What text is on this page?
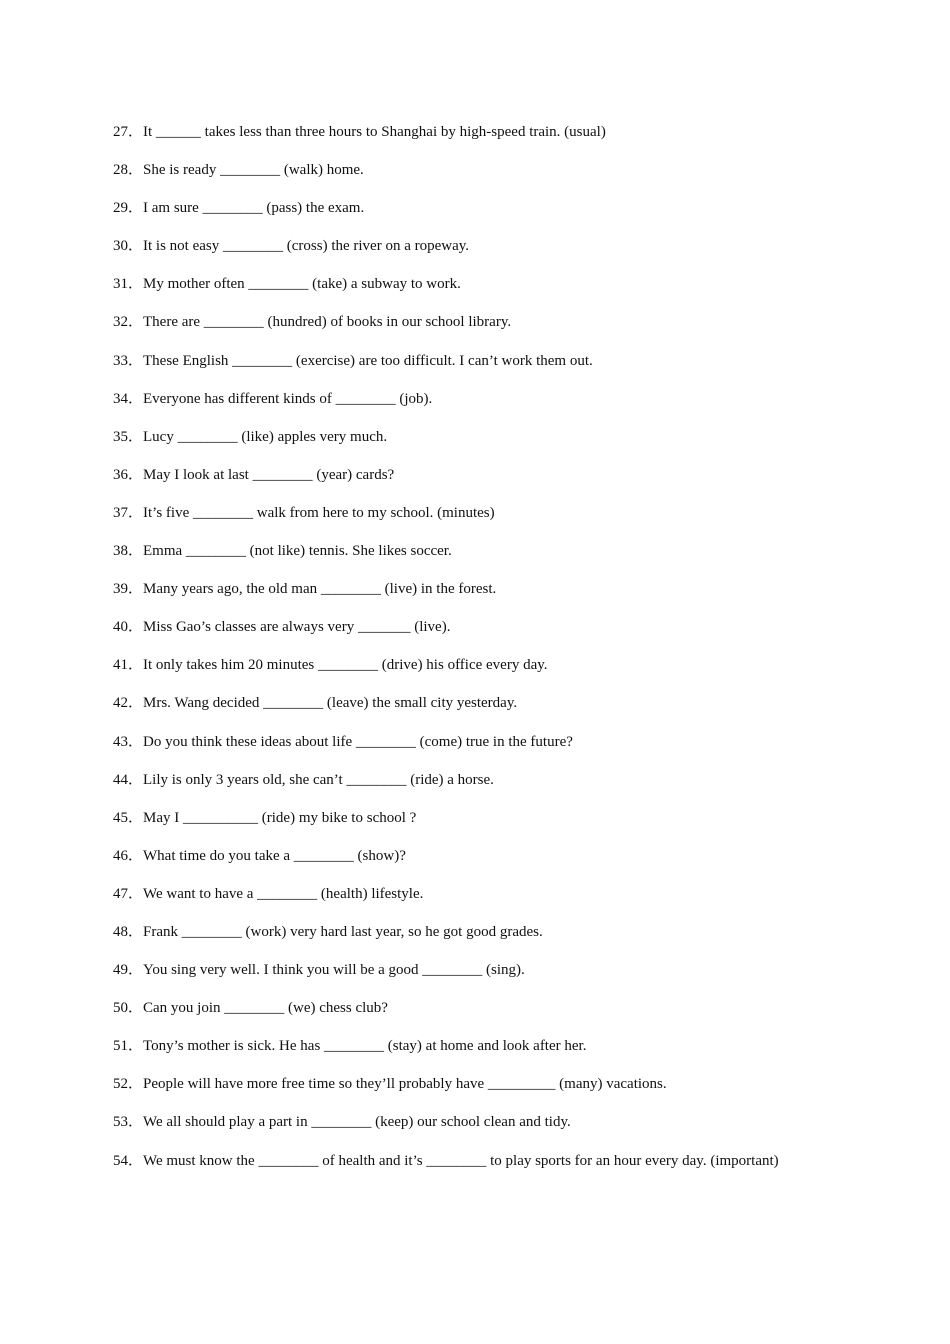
27．It ______ takes less than three hours to Shanghai by high-speed train. (usual)
28．She is ready ________ (walk) home.
29．I am sure ________ (pass) the exam.
30．It is not easy ________ (cross) the river on a ropeway.
31．My mother often ________ (take) a subway to work.
32．There are ________ (hundred) of books in our school library.
33．These English ________ (exercise) are too difficult. I can’t work them out.
34．Everyone has different kinds of ________ (job).
35．Lucy ________ (like) apples very much.
36．May I look at last ________ (year) cards?
37．It’s five ________ walk from here to my school. (minutes)
38．Emma ________ (not like) tennis. She likes soccer.
39．Many years ago, the old man ________ (live) in the forest.
40．Miss Gao’s classes are always very _______ (live).
41．It only takes him 20 minutes ________ (drive) his office every day.
42．Mrs. Wang decided ________ (leave) the small city yesterday.
43．Do you think these ideas about life ________ (come) true in the future?
44．Lily is only 3 years old, she can’t ________ (ride) a horse.
45．May I __________ (ride) my bike to school ?
46．What time do you take a ________ (show)?
47．We want to have a ________ (health) lifestyle.
48．Frank ________ (work) very hard last year, so he got good grades.
49．You sing very well. I think you will be a good ________ (sing).
50．Can you join ________ (we) chess club?
51．Tony’s mother is sick. He has ________ (stay) at home and look after her.
52．People will have more free time so they’ll probably have _________ (many) vacations.
53．We all should play a part in ________ (keep) our school clean and tidy.
54．We must know the ________ of health and it’s ________ to play sports for an hour every day. (important)
